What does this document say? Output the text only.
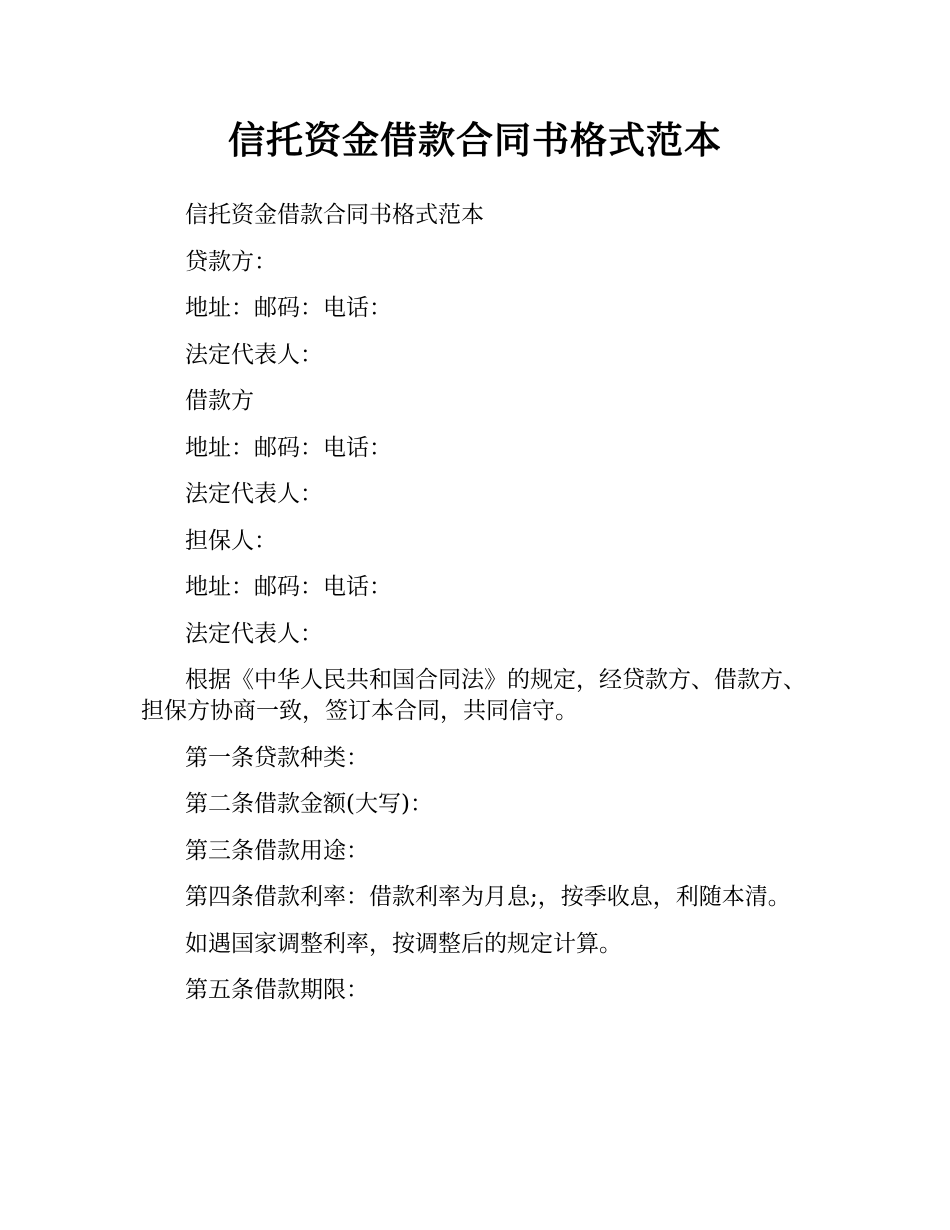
信托资金借款合同书格式范本

信托资金借款合同书格式范本

贷款方：

地址：邮码：电话：

法定代表人：

借款方

地址：邮码：电话：

法定代表人：

担保人：

地址：邮码：电话：

法定代表人：

根据《中华人民共和国合同法》的规定，经贷款方、借款方、担保方协商一致，签订本合同，共同信守。

第一条贷款种类：

第二条借款金额(大写)：

第三条借款用途：

第四条借款利率：借款利率为月息;，按季收息，利随本清。

如遇国家调整利率，按调整后的规定计算。

第五条借款期限：
